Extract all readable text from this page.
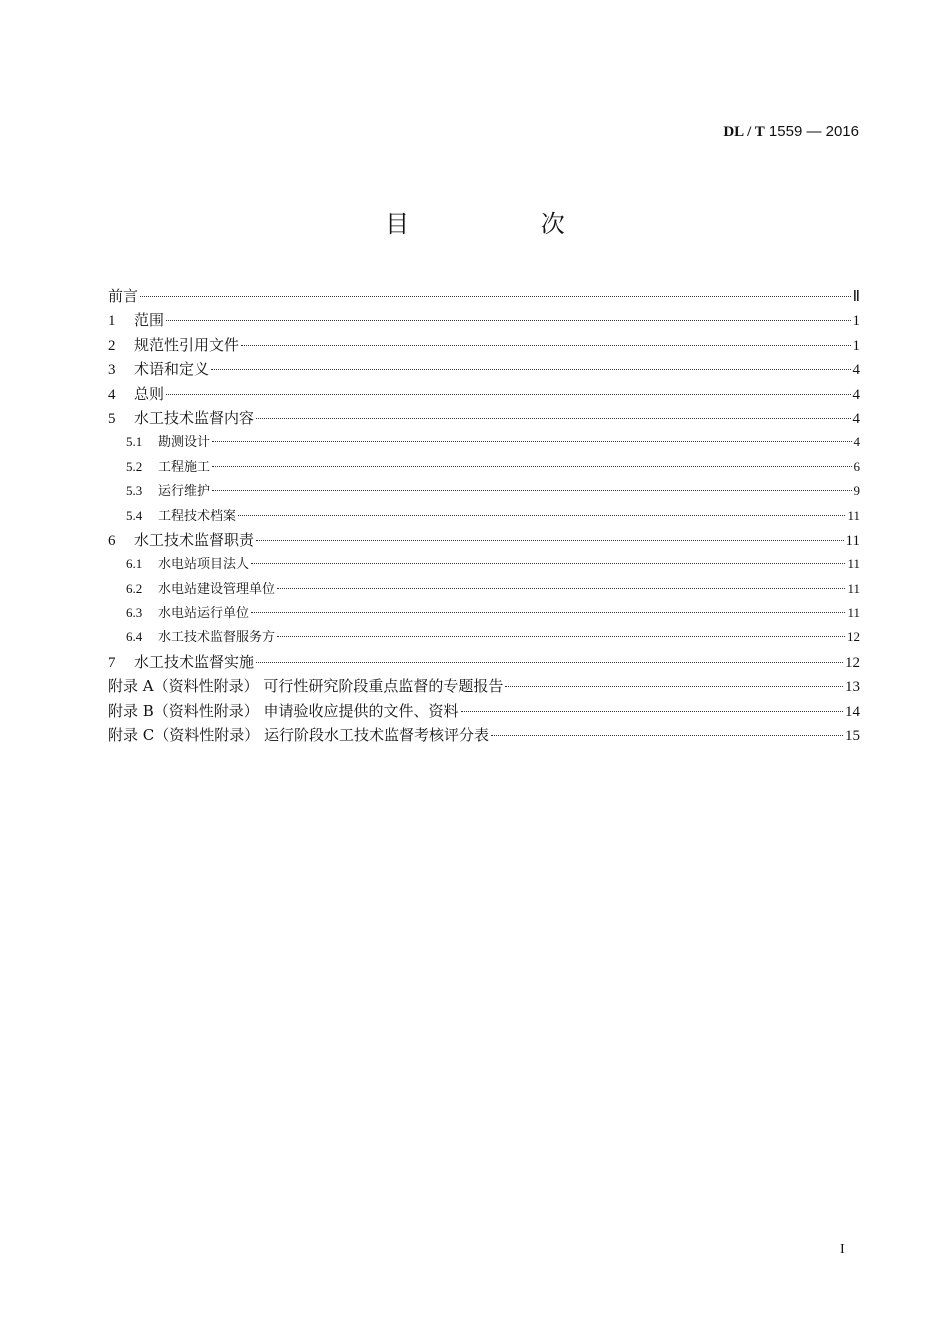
DL / T 1559 — 2016
目 次
前言	Ⅱ
1	范围	1
2	规范性引用文件	1
3	术语和定义	4
4	总则	4
5	水工技术监督内容	4
5.1	勘测设计	4
5.2	工程施工	6
5.3	运行维护	9
5.4	工程技术档案	11
6	水工技术监督职责	11
6.1	水电站项目法人	11
6.2	水电站建设管理单位	11
6.3	水电站运行单位	11
6.4	水工技术监督服务方	12
7	水工技术监督实施	12
附录 A（资料性附录） 可行性研究阶段重点监督的专题报告	13
附录 B（资料性附录） 申请验收应提供的文件、资料	14
附录 C（资料性附录） 运行阶段水工技术监督考核评分表	15
I
